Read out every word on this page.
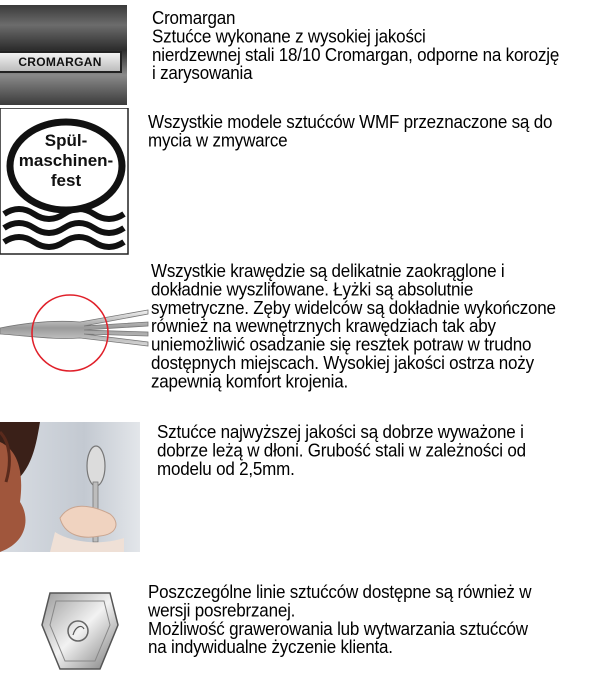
CROMARGAN
Cromargan
Sztućce wykonane z wysokiej jakości
nierdzewnej stali 18/10 Cromargan, odporne na korozję
i zarysowania
Spül-
maschinen-
fest
Wszystkie modele sztućców WMF przeznaczone są do
mycia w zmywarce
Wszystkie krawędzie są delikatnie zaokrąglone i
dokładnie wyszlifowane. Łyżki są absolutnie
symetryczne. Zęby widelców są dokładnie wykończone
również na wewnętrznych krawędziach tak aby
uniemożliwić osadzanie się resztek potraw w trudno
dostępnych miejscach. Wysokiej jakości ostrza noży
zapewnią komfort krojenia.
Sztućce najwyższej jakości są dobrze wyważone i
dobrze leżą w dłoni. Grubość stali w zależności od
modelu od 2,5mm.
Poszczególne linie sztućców dostępne są również w
wersji posrebrzanej.
Możliwość grawerowania lub wytwarzania sztućców
na indywidualne życzenie klienta.
